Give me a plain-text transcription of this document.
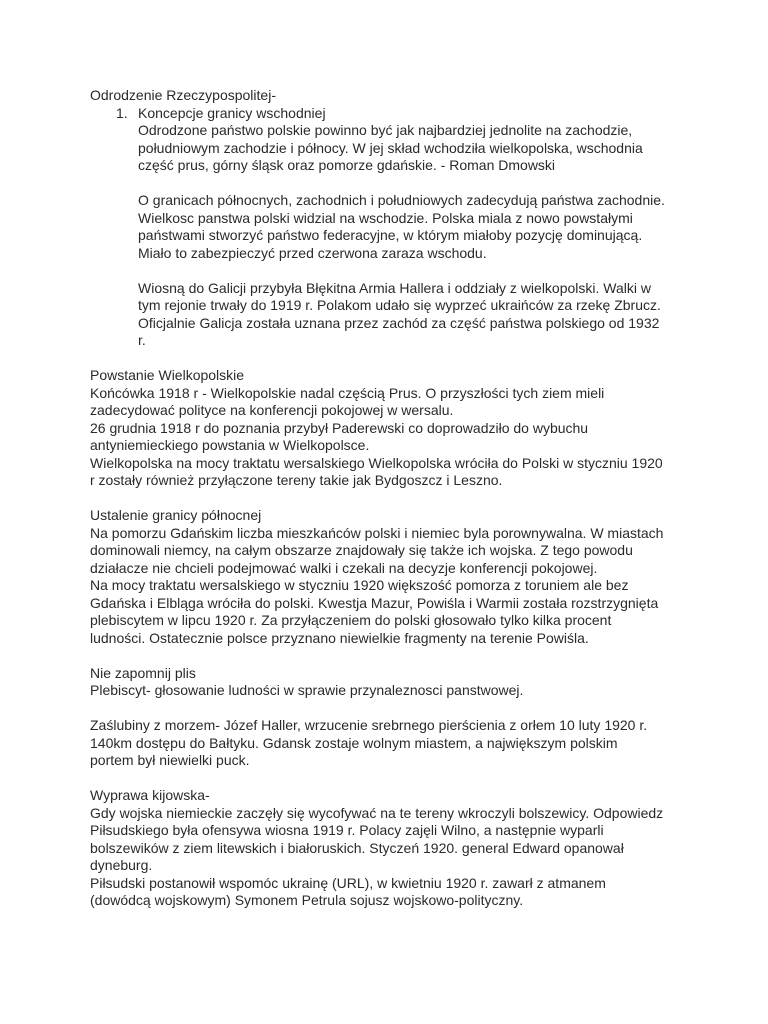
Odrodzenie Rzeczypospolitej-

1. Koncepcje granicy wschodniej

Odrodzone państwo polskie powinno być jak najbardziej jednolite na zachodzie,
południowym zachodzie i północy. W jej skład wchodziła wielkopolska, wschodnia
część prus, górny śląsk oraz pomorze gdańskie. - Roman Dmowski

O granicach północnych, zachodnich i południowych zadecydują państwa zachodnie.
Wielkosc panstwa polski widzial na wschodzie. Polska miala z nowo powstałymi
państwami stworzyć państwo federacyjne, w którym miałoby pozycję dominującą.
Miało to zabezpieczyć przed czerwona zaraza wschodu.

Wiosną do Galicji przybyła Błękitna Armia Hallera i oddziały z wielkopolski. Walki w
tym rejonie trwały do 1919 r. Polakom udało się wyprzeć ukraińców za rzekę Zbrucz.
Oficjalnie Galicja została uznana przez zachód za część państwa polskiego od 1932
r.

Powstanie Wielkopolskie

Końcówka 1918 r - Wielkopolskie nadal częścią Prus. O przyszłości tych ziem mieli
zadecydować polityce na konferencji pokojowej w wersalu.
26 grudnia 1918 r do poznania przybył Paderewski co doprowadziło do wybuchu
antyniemieckiego powstania w Wielkopolsce.
Wielkopolska na mocy traktatu wersalskiego Wielkopolska wróciła do Polski w styczniu 1920
r zostały również przyłączone tereny takie jak Bydgoszcz i Leszno.

Ustalenie granicy północnej

Na pomorzu Gdańskim liczba mieszkańców polski i niemiec byla porownywalna. W miastach
dominowali niemcy, na całym obszarze znajdowały się także ich wojska. Z tego powodu
działacze nie chcieli podejmować walki i czekali na decyzje konferencji pokojowej.
Na mocy traktatu wersalskiego w styczniu 1920 większość pomorza z toruniem ale bez
Gdańska i Elbląga wróciła do polski. Kwestja Mazur, Powiśla i Warmii została rozstrzygnięta
plebiscytem w lipcu 1920 r. Za przyłączeniem do polski głosowało tylko kilka procent
ludności. Ostatecznie polsce przyznano niewielkie fragmenty na terenie Powiśla.

Nie zapomnij plis

Plebiscyt- głosowanie ludności w sprawie przynaleznosci panstwowej.

Zaślubiny z morzem- Józef Haller, wrzucenie srebrnego pierścienia z orłem 10 luty 1920 r.
140km dostępu do Bałtyku. Gdansk zostaje wolnym miastem, a największym polskim
portem był niewielki puck.

Wyprawa kijowska-

Gdy wojska niemieckie zaczęły się wycofywać na te tereny wkroczyli bolszewicy. Odpowiedz
Piłsudskiego była ofensywa wiosna 1919 r. Polacy zajęli Wilno, a następnie wyparli
bolszewików z ziem litewskich i białoruskich. Styczeń 1920. general Edward opanował
dyneburg.
Piłsudski postanowił wspomóc ukrainę (URL), w kwietniu 1920 r. zawarł z atmanem
(dowódcą wojskowym) Symonem Petrula sojusz wojskowo-polityczny.
